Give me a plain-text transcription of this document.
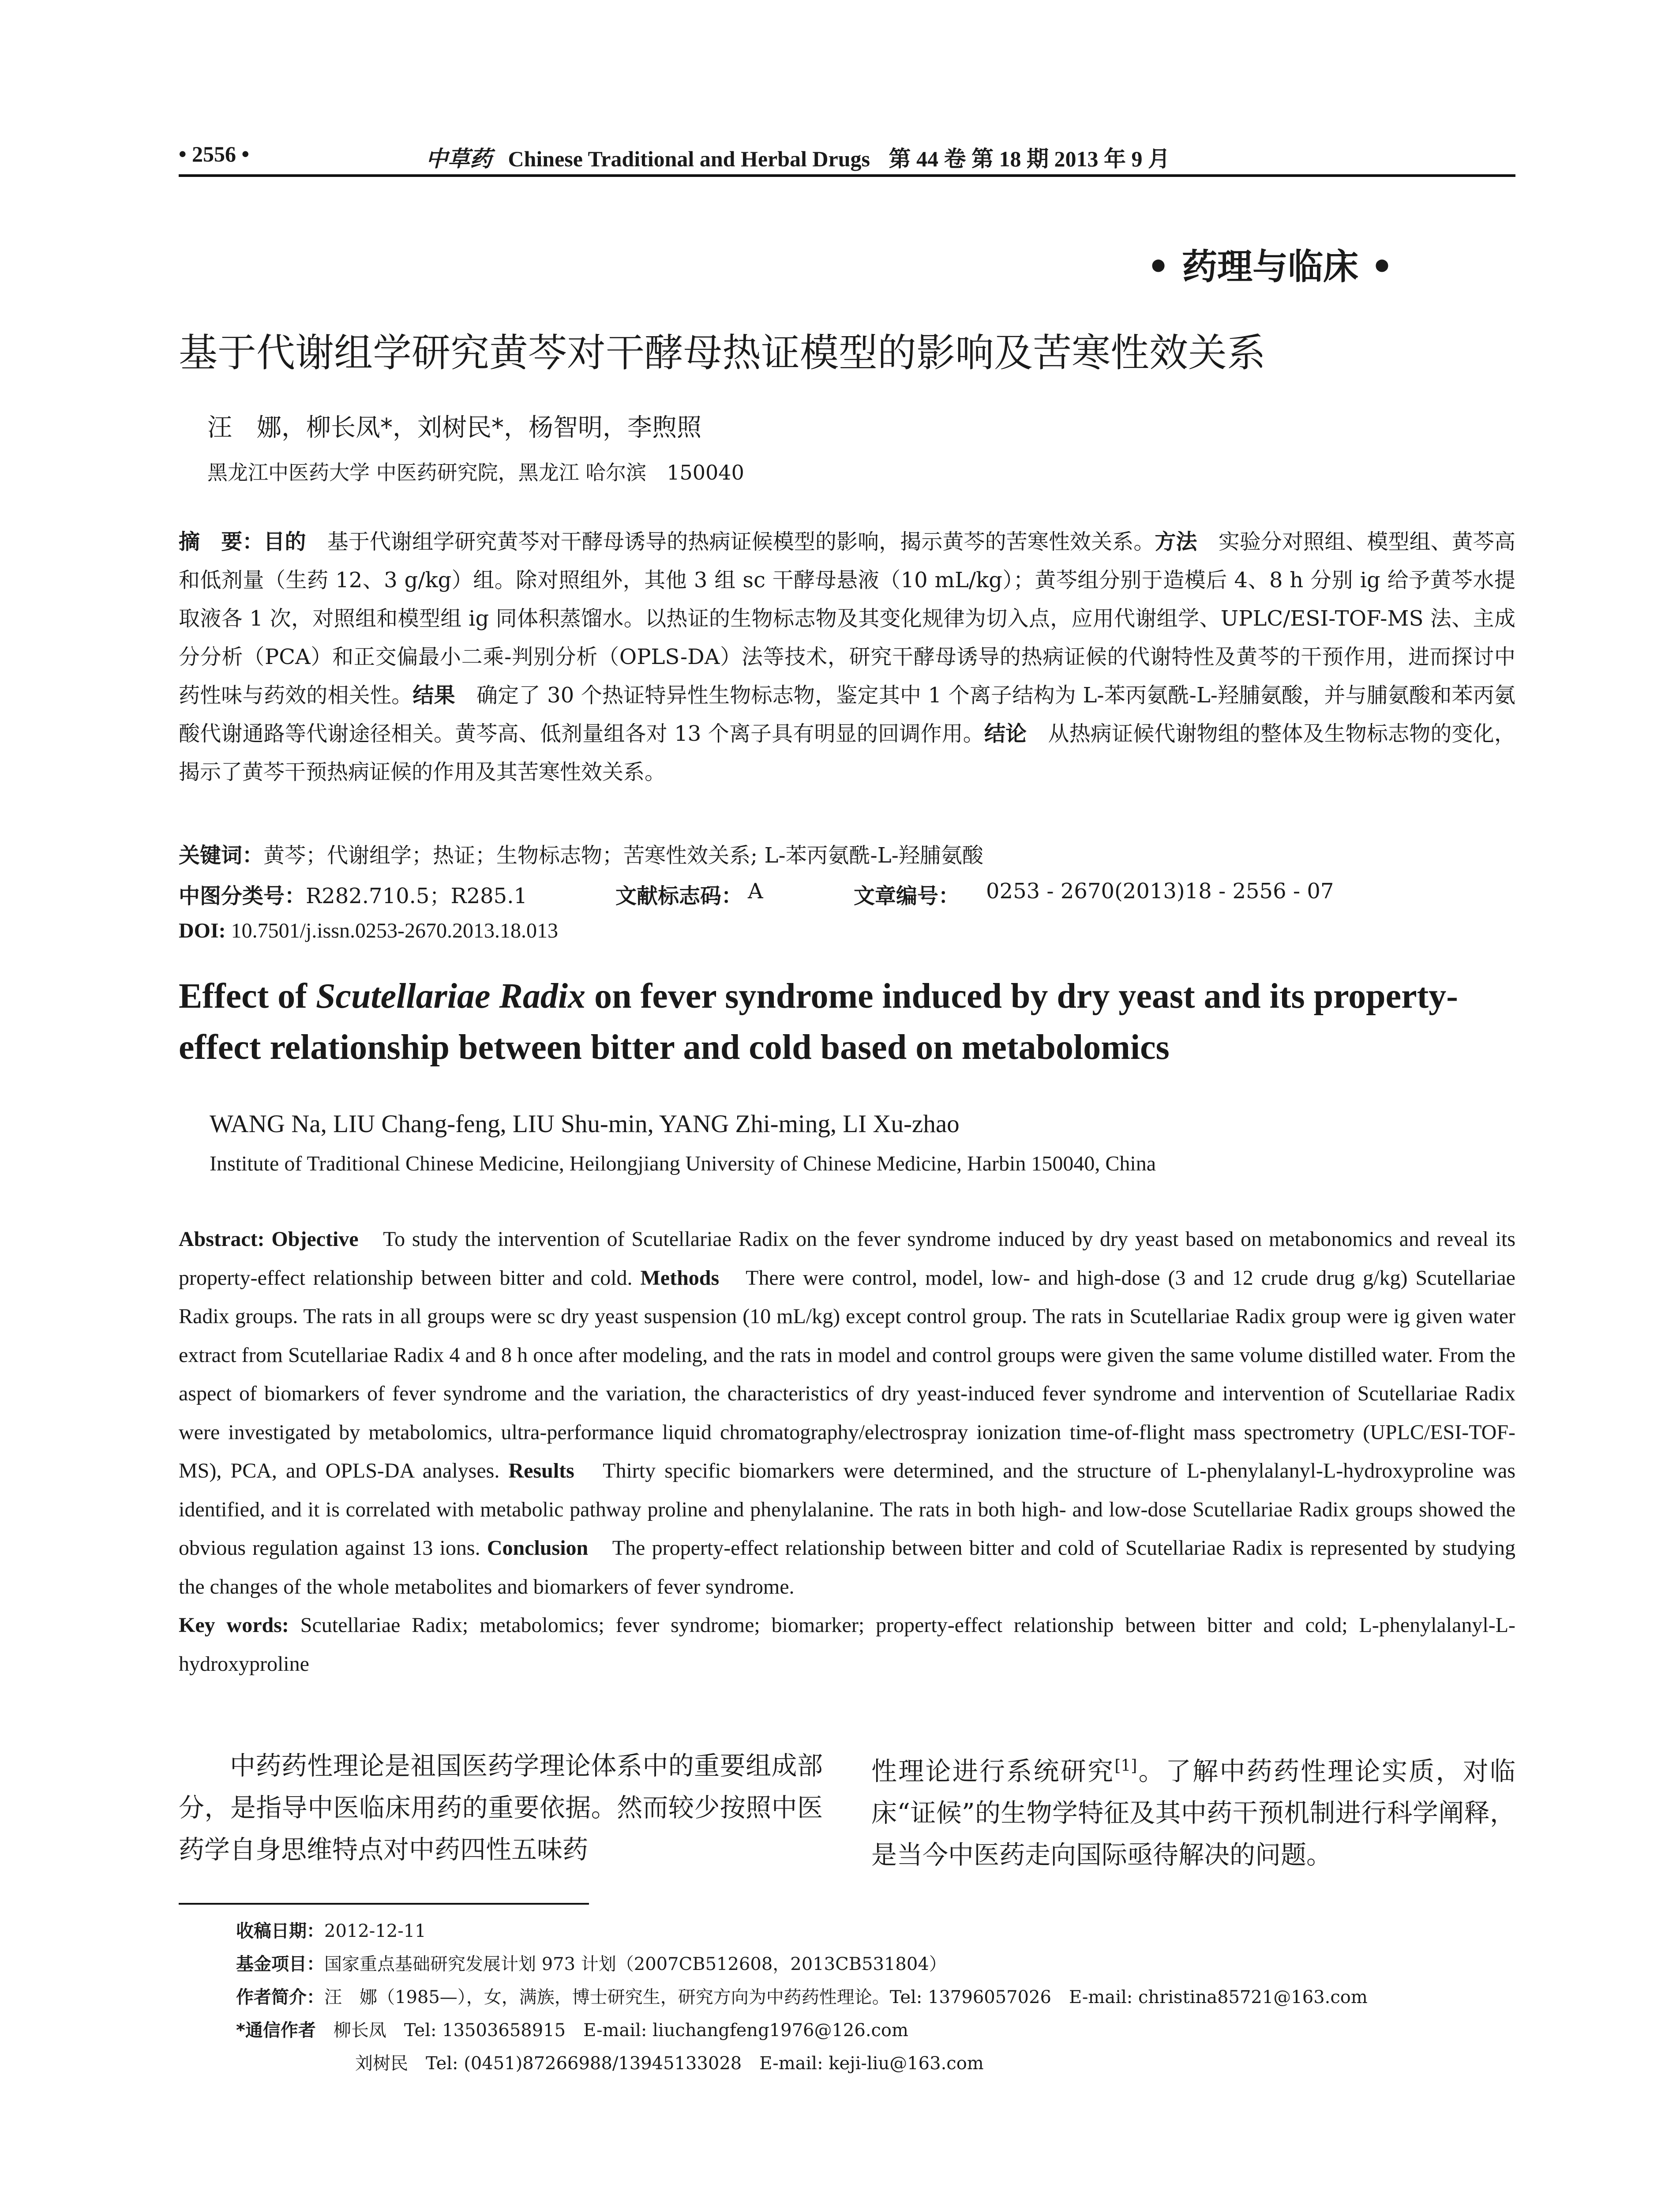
• 2556 •	中草药 Chinese Traditional and Herbal Drugs 第 44 卷 第 18 期 2013 年 9 月
• 药理与临床 •
基于代谢组学研究黄芩对干酵母热证模型的影响及苦寒性效关系
汪　娜，柳长凤*，刘树民*，杨智明，李煦照
黑龙江中医药大学 中医药研究院，黑龙江 哈尔滨　150040
摘　要：目的　基于代谢组学研究黄芩对干酵母诱导的热病证候模型的影响，揭示黄芩的苦寒性效关系。方法　实验分对照组、模型组、黄芩高和低剂量（生药 12、3 g/kg）组。除对照组外，其他 3 组 sc 干酵母悬液（10 mL/kg）；黄芩组分别于造模后 4、8 h 分别 ig 给予黄芩水提取液各 1 次，对照组和模型组 ig 同体积蒸馏水。以热证的生物标志物及其变化规律为切入点，应用代谢组学、UPLC/ESI-TOF-MS 法、主成分分析（PCA）和正交偏最小二乘-判别分析（OPLS-DA）法等技术，研究干酵母诱导的热病证候的代谢特性及黄芩的干预作用，进而探讨中药性味与药效的相关性。结果　确定了 30 个热证特异性生物标志物，鉴定其中 1 个离子结构为 L-苯丙氨酰-L-羟脯氨酸，并与脯氨酸和苯丙氨酸代谢通路等代谢途径相关。黄芩高、低剂量组各对 13 个离子具有明显的回调作用。结论　从热病证候代谢物组的整体及生物标志物的变化，揭示了黄芩干预热病证候的作用及其苦寒性效关系。
关键词：黄芩；代谢组学；热证；生物标志物；苦寒性效关系; L-苯丙氨酰-L-羟脯氨酸
中图分类号：R282.710.5；R285.1	文献标志码： A	文章编号： 0253 - 2670(2013)18 - 2556 - 07
DOI: 10.7501/j.issn.0253-2670.2013.18.013
Effect of Scutellariae Radix on fever syndrome induced by dry yeast and its property-effect relationship between bitter and cold based on metabolomics
WANG Na, LIU Chang-feng, LIU Shu-min, YANG Zhi-ming, LI Xu-zhao
Institute of Traditional Chinese Medicine, Heilongjiang University of Chinese Medicine, Harbin 150040, China
Abstract: Objective　To study the intervention of Scutellariae Radix on the fever syndrome induced by dry yeast based on metabonomics and reveal its property-effect relationship between bitter and cold. Methods　There were control, model, low- and high-dose (3 and 12 crude drug g/kg) Scutellariae Radix groups. The rats in all groups were sc dry yeast suspension (10 mL/kg) except control group. The rats in Scutellariae Radix group were ig given water extract from Scutellariae Radix 4 and 8 h once after modeling, and the rats in model and control groups were given the same volume distilled water. From the aspect of biomarkers of fever syndrome and the variation, the characteristics of dry yeast-induced fever syndrome and intervention of Scutellariae Radix were investigated by metabolomics, ultra-performance liquid chromatography/electrospray ionization time-of-flight mass spectrometry (UPLC/ESI-TOF-MS), PCA, and OPLS-DA analyses. Results　Thirty specific biomarkers were determined, and the structure of L-phenylalanyl-L-hydroxyproline was identified, and it is correlated with metabolic pathway proline and phenylalanine. The rats in both high- and low-dose Scutellariae Radix groups showed the obvious regulation against 13 ions. Conclusion　The property-effect relationship between bitter and cold of Scutellariae Radix is represented by studying the changes of the whole metabolites and biomarkers of fever syndrome.
Key words: Scutellariae Radix; metabolomics; fever syndrome; biomarker; property-effect relationship between bitter and cold; L-phenylalanyl-L-hydroxyproline
中药药性理论是祖国医药学理论体系中的重要组成部分，是指导中医临床用药的重要依据。然而较少按照中医药学自身思维特点对中药四性五味药
性理论进行系统研究[1]。了解中药药性理论实质，对临床“证候”的生物学特征及其中药干预机制进行科学阐释，是当今中医药走向国际亟待解决的问题。
收稿日期：2012-12-11
基金项目：国家重点基础研究发展计划 973 计划（2007CB512608，2013CB531804）
作者简介：汪　娜（1985—），女，满族，博士研究生，研究方向为中药药性理论。Tel: 13796057026　E-mail: christina85721@163.com
*通信作者　柳长凤　Tel: 13503658915　E-mail: liuchangfeng1976@126.com
刘树民　Tel: (0451)87266988/13945133028　E-mail: keji-liu@163.com
